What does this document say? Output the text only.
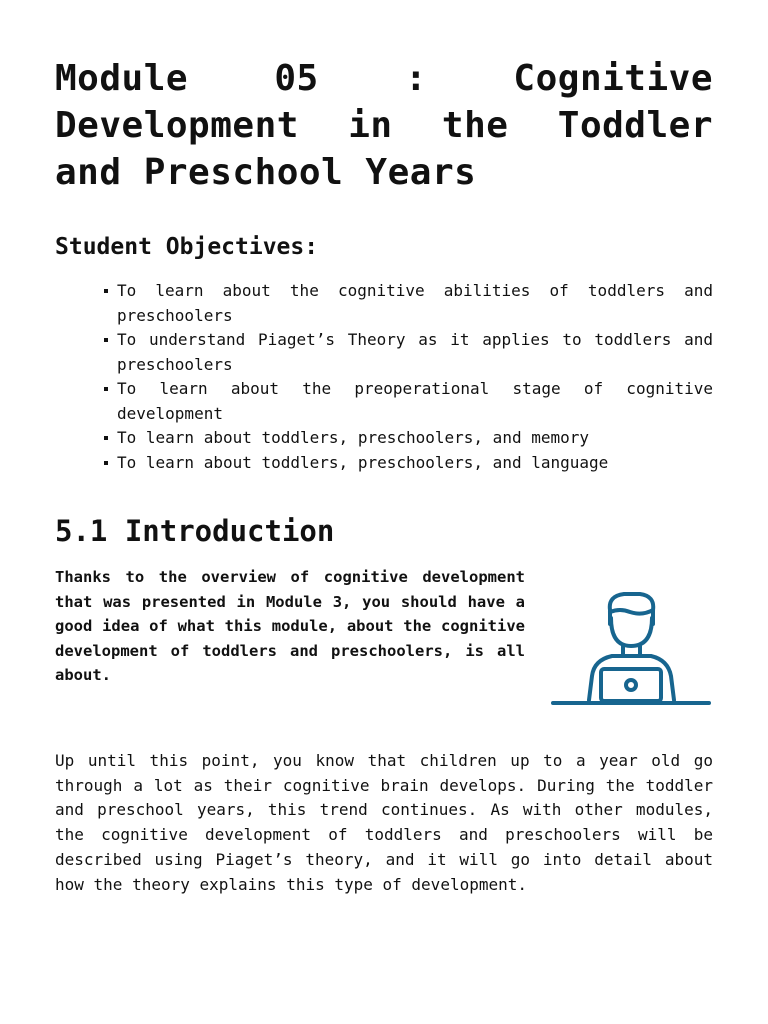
Module 05 : Cognitive Development in the Toddler and Preschool Years
Student Objectives:
To learn about the cognitive abilities of toddlers and preschoolers
To understand Piaget’s Theory as it applies to toddlers and preschoolers
To learn about the preoperational stage of cognitive development
To learn about toddlers, preschoolers, and memory
To learn about toddlers, preschoolers, and language
5.1 Introduction

Thanks to the overview of cognitive development that was presented in Module 3, you should have a good idea of what this module, about the cognitive development of toddlers and preschoolers, is all about.

Up until this point, you know that children up to a year old go through a lot as their cognitive brain develops. During the toddler and preschool years, this trend continues. As with other modules, the cognitive development of toddlers and preschoolers will be described using Piaget’s theory, and it will go into detail about how the theory explains this type of development.
